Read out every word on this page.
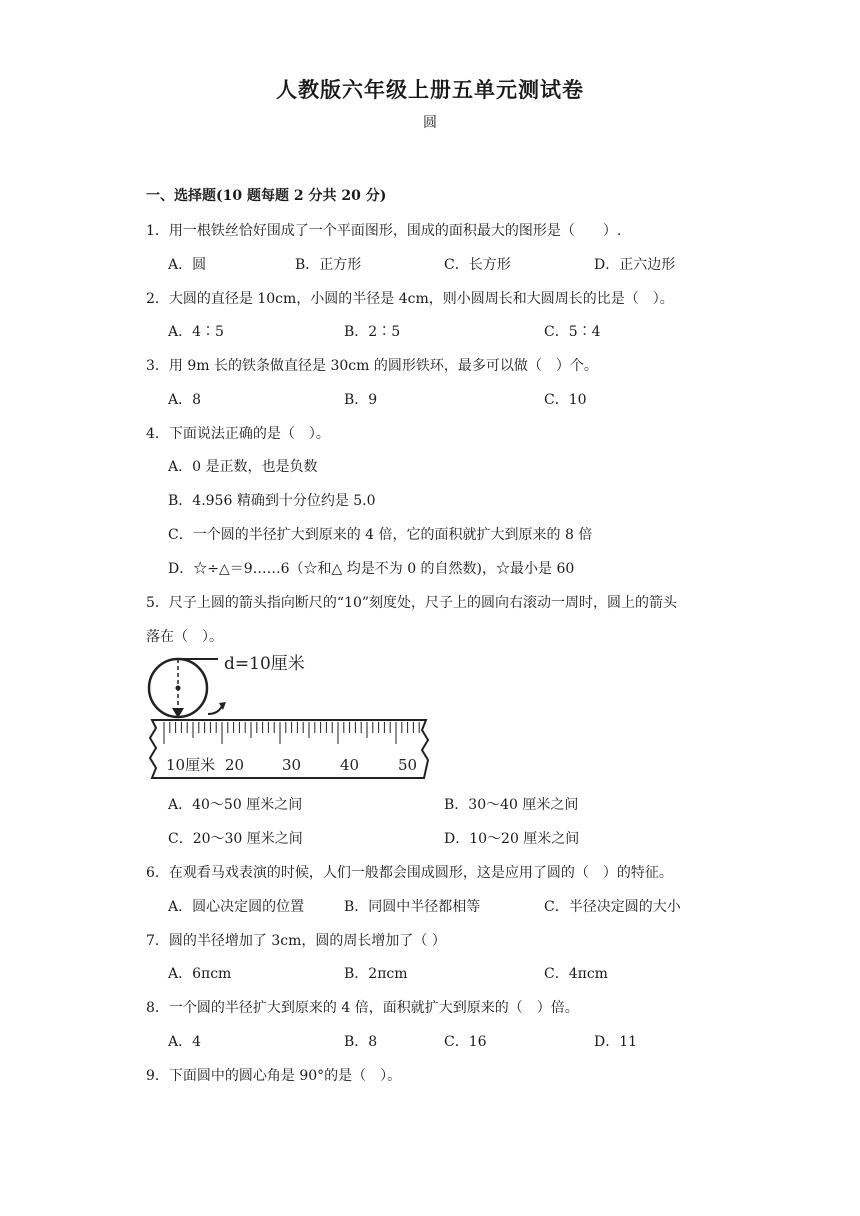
人教版六年级上册五单元测试卷
圆
一、选择题(10 题每题 2 分共 20 分)
1．用一根铁丝恰好围成了一个平面图形，围成的面积最大的图形是（　　）.
A．圆	B．正方形	C．长方形	D．正六边形
2．大圆的直径是 10cm，小圆的半径是 4cm，则小圆周长和大圆周长的比是（　）。
A．4∶5	B．2∶5	C．5∶4
3．用 9m 长的铁条做直径是 30cm 的圆形铁环，最多可以做（　）个。
A．8	B．9	C．10
4．下面说法正确的是（　）。
A．0 是正数，也是负数
B．4.956 精确到十分位约是 5.0
C．一个圆的半径扩大到原来的 4 倍，它的面积就扩大到原来的 8 倍
D．☆÷△＝9……6（☆和△ 均是不为 0 的自然数)，☆最小是 60
5．尺子上圆的箭头指向断尺的“10”刻度处，尺子上的圆向右滚动一周时，圆上的箭头
落在（　）。
d=10厘米
10厘米 20	30	40	50
A．40～50 厘米之间	B．30～40 厘米之间
C．20～30 厘米之间	D．10～20 厘米之间
6．在观看马戏表演的时候，人们一般都会围成圆形，这是应用了圆的（　）的特征。
A．圆心决定圆的位置	B．同圆中半径都相等	C．半径决定圆的大小
7．圆的半径增加了 3cm，圆的周长增加了（ ）
A．6πcm	B．2πcm	C．4πcm
8．一个圆的半径扩大到原来的 4 倍，面积就扩大到原来的（　）倍。
A．4	B．8	C．16	D．11
9．下面圆中的圆心角是 90°的是（　）。
